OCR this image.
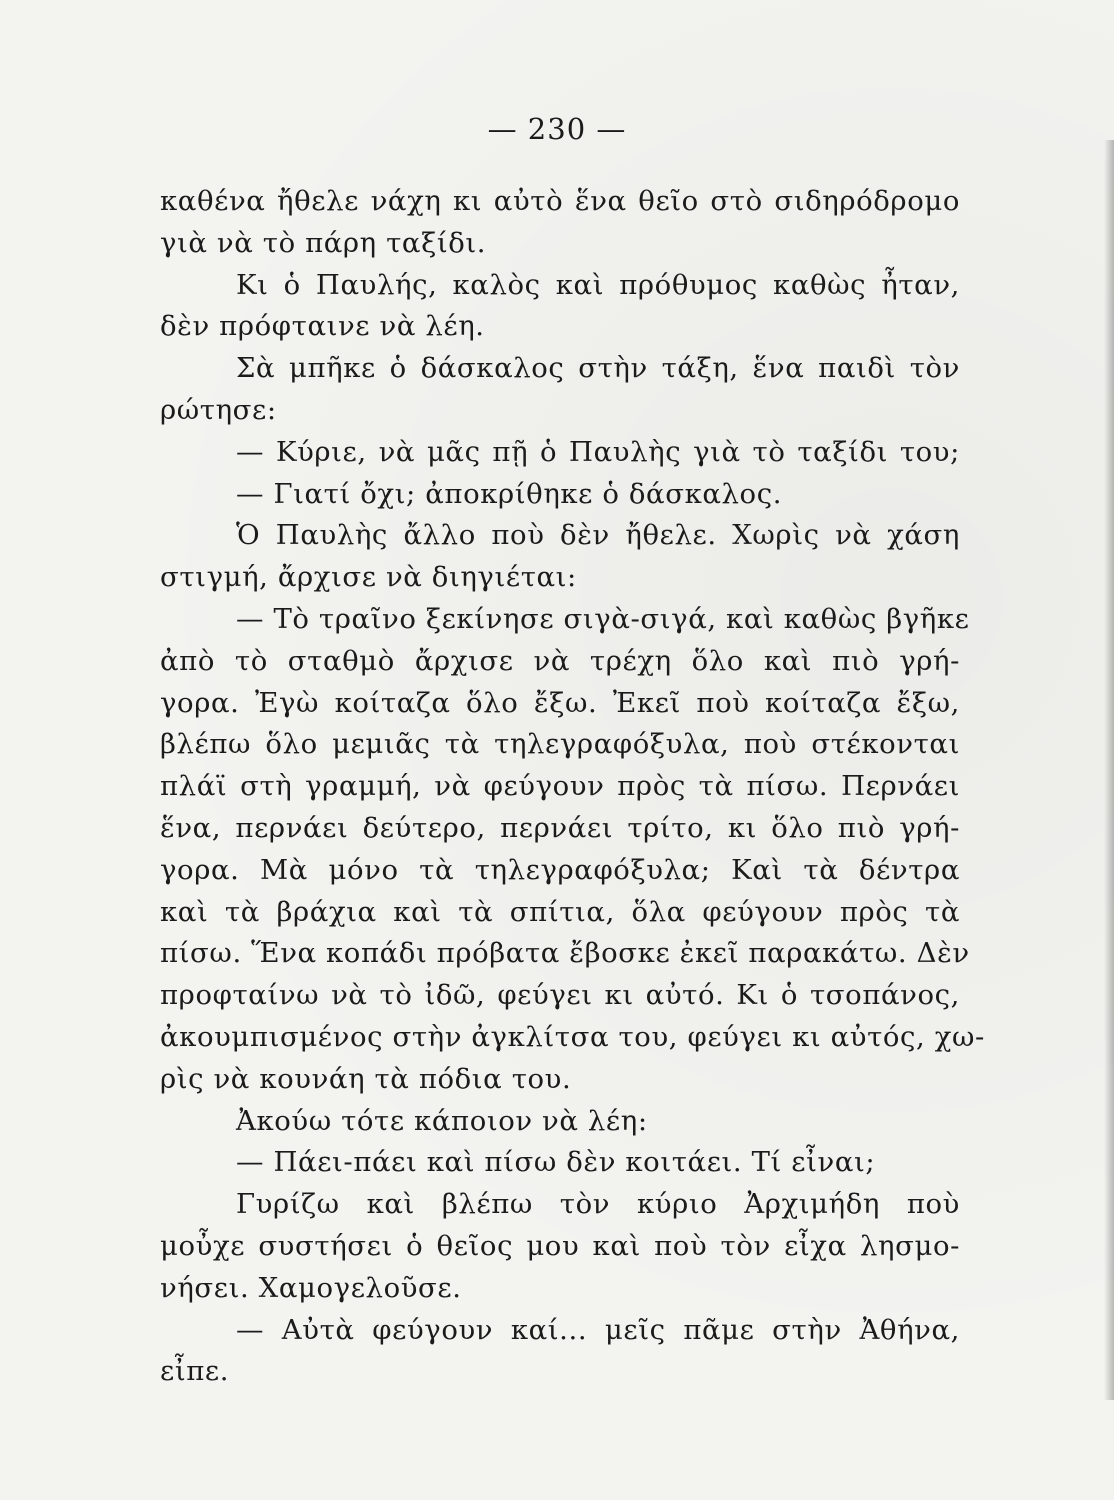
— 230 —
καθένα ἤθελε νάχη κι αὐτὸ ἕνα θεῖο στὸ σιδηρόδρομο
γιὰ νὰ τὸ πάρη ταξίδι.
Κι ὁ Παυλής, καλὸς καὶ πρόθυμος καθὼς ἦταν,
δὲν πρόφταινε νὰ λέη.
Σὰ μπῆκε ὁ δάσκαλος στὴν τάξη, ἕνα παιδὶ τὸν
ρώτησε:
— Κύριε, νὰ μᾶς πῇ ὁ Παυλὴς γιὰ τὸ ταξίδι του;
— Γιατί ὄχι; ἀποκρίθηκε ὁ δάσκαλος.
Ὁ Παυλὴς ἄλλο ποὺ δὲν ἤθελε. Χωρὶς νὰ χάση
στιγμή, ἄρχισε νὰ διηγιέται:
— Τὸ τραῖνο ξεκίνησε σιγὰ-σιγά, καὶ καθὼς βγῆκε
ἀπὸ τὸ σταθμὸ ἄρχισε νὰ τρέχη ὅλο καὶ πιὸ γρή-
γορα. Ἐγὼ κοίταζα ὅλο ἔξω. Ἐκεῖ ποὺ κοίταζα ἔξω,
βλέπω ὅλο μεμιᾶς τὰ τηλεγραφόξυλα, ποὺ στέκονται
πλάϊ στὴ γραμμή, νὰ φεύγουν πρὸς τὰ πίσω. Περνάει
ἕνα, περνάει δεύτερο, περνάει τρίτο, κι ὅλο πιὸ γρή-
γορα. Μὰ μόνο τὰ τηλεγραφόξυλα; Καὶ τὰ δέντρα
καὶ τὰ βράχια καὶ τὰ σπίτια, ὅλα φεύγουν πρὸς τὰ
πίσω. Ἕνα κοπάδι πρόβατα ἔβοσκε ἐκεῖ παρακάτω. Δὲν
προφταίνω νὰ τὸ ἰδῶ, φεύγει κι αὐτό. Κι ὁ τσοπάνος,
ἀκουμπισμένος στὴν ἀγκλίτσα του, φεύγει κι αὐτός, χω-
ρὶς νὰ κουνάη τὰ πόδια του.
Ἀκούω τότε κάποιον νὰ λέη:
— Πάει-πάει καὶ πίσω δὲν κοιτάει. Τί εἶναι;
Γυρίζω καὶ βλέπω τὸν κύριο Ἀρχιμήδη ποὺ
μοὖχε συστήσει ὁ θεῖος μου καὶ ποὺ τὸν εἶχα λησμο-
νήσει. Χαμογελοῦσε.
— Αὐτὰ φεύγουν καί... μεῖς πᾶμε στὴν Ἀθήνα,
εἶπε.
